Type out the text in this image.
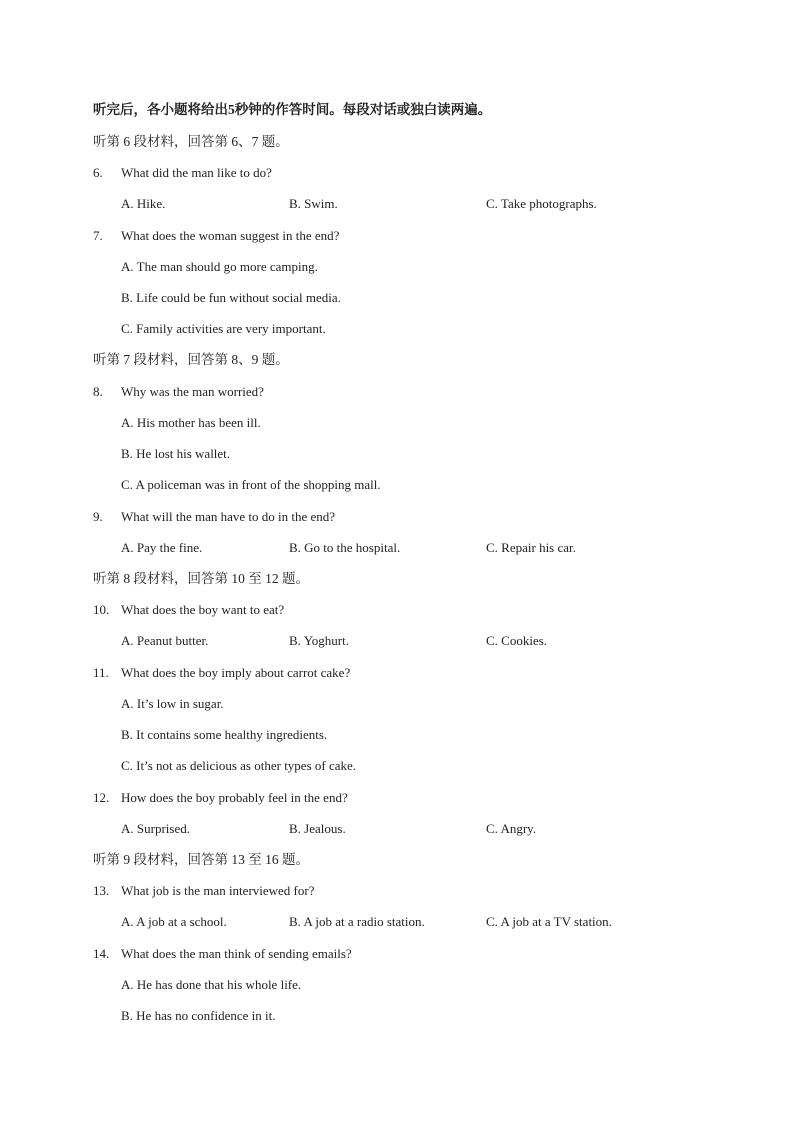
听完后，各小题将给出5秒钟的作答时间。每段对话或独白读两遍。
听第 6 段材料，回答第 6、7 题。
6. What did the man like to do?
A. Hike.	B. Swim.	C. Take photographs.
7. What does the woman suggest in the end?
A. The man should go more camping.
B. Life could be fun without social media.
C. Family activities are very important.
听第 7 段材料，回答第 8、9 题。
8. Why was the man worried?
A. His mother has been ill.
B. He lost his wallet.
C. A policeman was in front of the shopping mall.
9. What will the man have to do in the end?
A. Pay the fine.	B. Go to the hospital.	C. Repair his car.
听第 8 段材料，回答第 10 至 12 题。
10. What does the boy want to eat?
A. Peanut butter.	B. Yoghurt.	C. Cookies.
11. What does the boy imply about carrot cake?
A. It’s low in sugar.
B. It contains some healthy ingredients.
C. It’s not as delicious as other types of cake.
12. How does the boy probably feel in the end?
A. Surprised.	B. Jealous.	C. Angry.
听第 9 段材料，回答第 13 至 16 题。
13. What job is the man interviewed for?
A. A job at a school.	B. A job at a radio station.	C. A job at a TV station.
14. What does the man think of sending emails?
A. He has done that his whole life.
B. He has no confidence in it.
